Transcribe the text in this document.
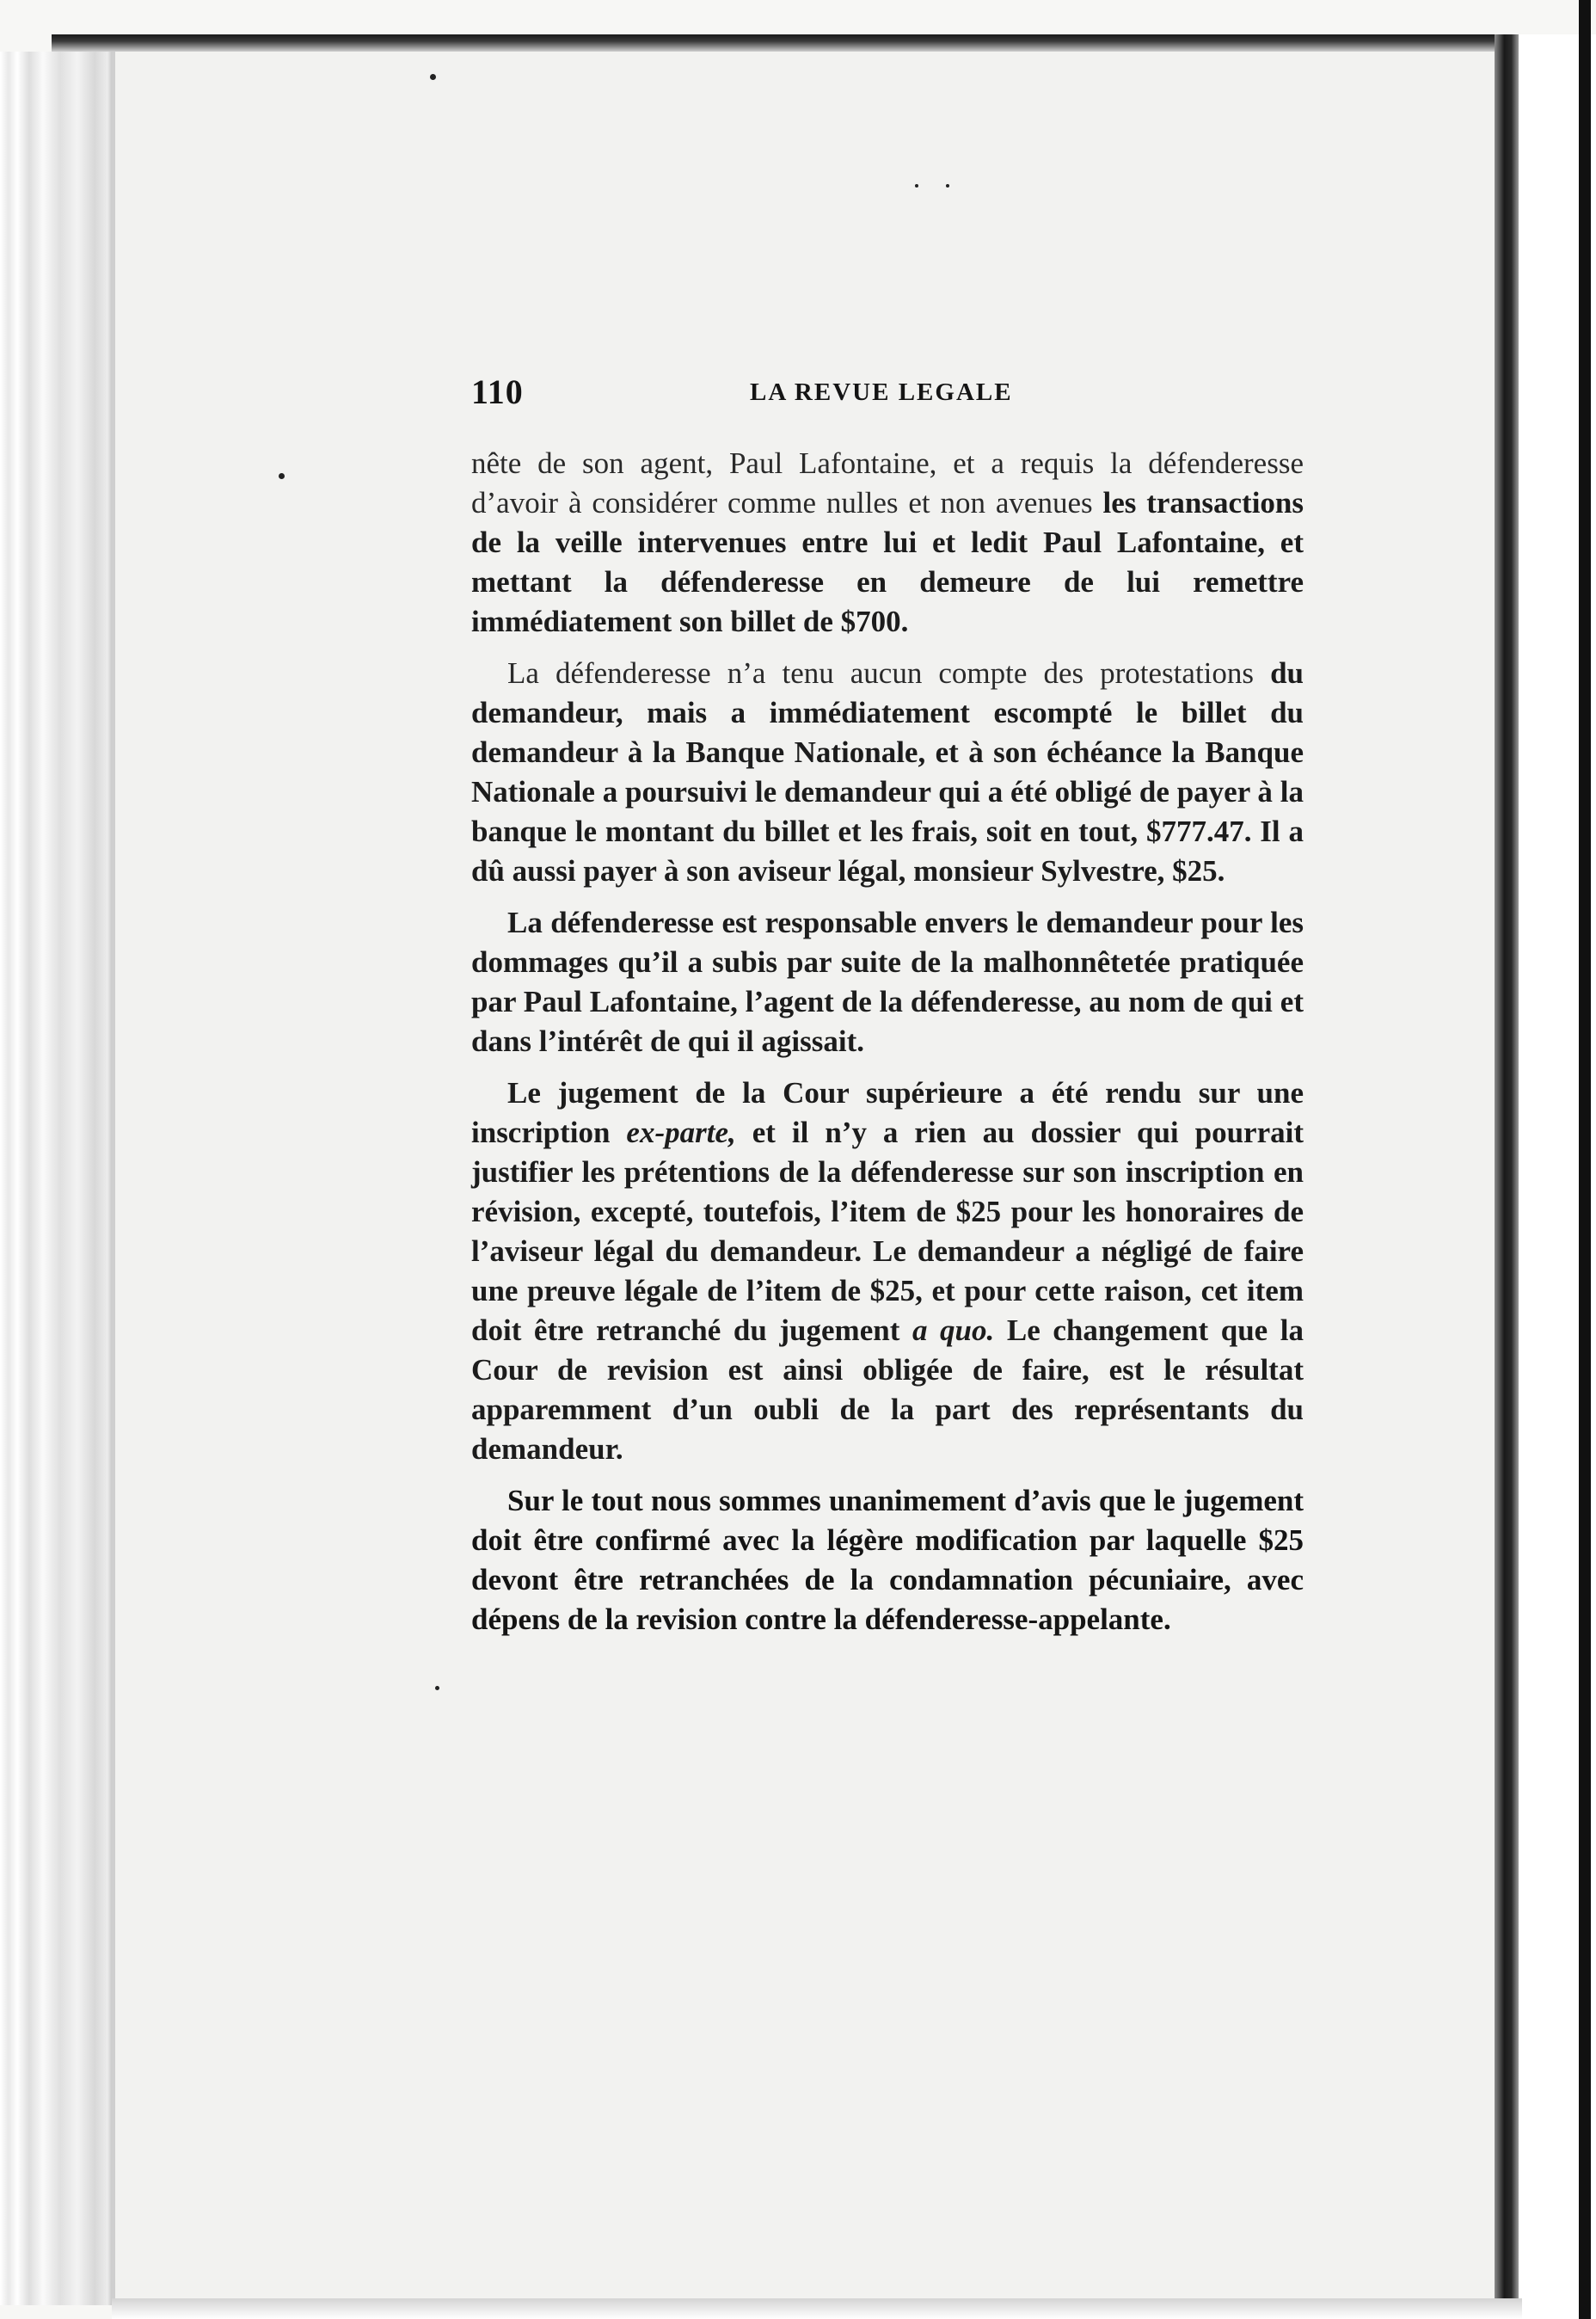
110	LA REVUE LEGALE

nête de son agent, Paul Lafontaine, et a requis la défenderesse d’avoir à considérer comme nulles et non avenues les transactions de la veille intervenues entre lui et ledit Paul Lafontaine, et mettant la défenderesse en demeure de lui remettre immédiatement son billet de $700.

La défenderesse n’a tenu aucun compte des protestations du demandeur, mais a immédiatement escompté le billet du demandeur à la Banque Nationale, et à son échéance la Banque Nationale a poursuivi le demandeur qui a été obligé de payer à la banque le montant du billet et les frais, soit en tout, $777.47. Il a dû aussi payer à son aviseur légal, monsieur Sylvestre, $25.

La défenderesse est responsable envers le demandeur pour les dommages qu’il a subis par suite de la malhonnêtetée pratiquée par Paul Lafontaine, l’agent de la défenderesse, au nom de qui et dans l’intérêt de qui il agissait.

Le jugement de la Cour supérieure a été rendu sur une inscription ex-parte, et il n’y a rien au dossier qui pourrait justifier les prétentions de la défenderesse sur son inscription en révision, excepté, toutefois, l’item de $25 pour les honoraires de l’aviseur légal du demandeur. Le demandeur a négligé de faire une preuve légale de l’item de $25, et pour cette raison, cet item doit être retranché du jugement a quo. Le changement que la Cour de revision est ainsi obligée de faire, est le résultat apparemment d’un oubli de la part des représentants du demandeur.

Sur le tout nous sommes unanimement d’avis que le jugement doit être confirmé avec la légère modification par laquelle $25 devont être retranchées de la condamnation pécuniaire, avec dépens de la revision contre la défenderesse-appelante.
